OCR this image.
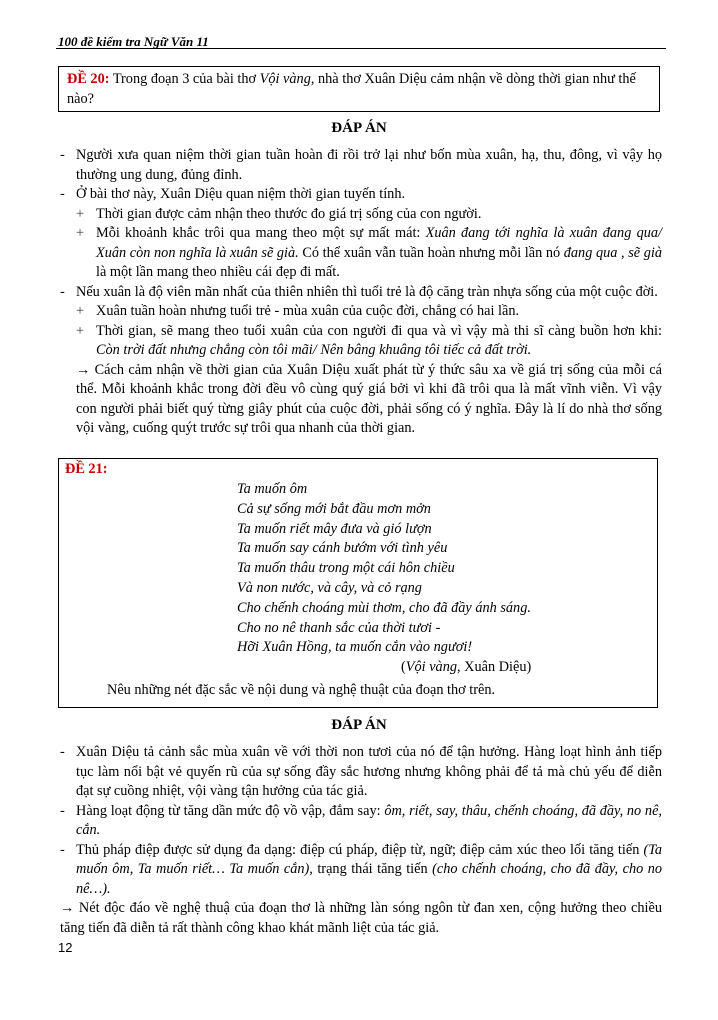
100 đề kiểm tra Ngữ Văn 11
ĐỀ 20: Trong đoạn 3 của bài thơ Vội vàng, nhà thơ Xuân Diệu cảm nhận về dòng thời gian như thế nào?
ĐÁP ÁN
- Người xưa quan niệm thời gian tuần hoàn đi rồi trở lại như bốn mùa xuân, hạ, thu, đông, vì vậy họ thường ung dung, đủng đỉnh.
- Ở bài thơ này, Xuân Diệu quan niệm thời gian tuyến tính.
+ Thời gian được cảm nhận theo thước đo giá trị sống của con người.
+ Mỗi khoảnh khắc trôi qua mang theo một sự mất mát: Xuân đang tới nghĩa là xuân đang qua/ Xuân còn non nghĩa là xuân sẽ già. Có thể xuân vẫn tuần hoàn nhưng mỗi lần nó đang qua , sẽ già là một lần mang theo nhiều cái đẹp đi mất.
- Nếu xuân là độ viên mãn nhất của thiên nhiên thì tuổi trẻ là độ căng tràn nhựa sống của một cuộc đời.
+ Xuân tuần hoàn nhưng tuổi trẻ - mùa xuân của cuộc đời, chẳng có hai lần.
+ Thời gian, sẽ mang theo tuổi xuân của con người đi qua và vì vậy mà thi sĩ càng buồn hơn khi: Còn trời đất nhưng chẳng còn tôi mãi/ Nên bâng khuâng tôi tiếc cả đất trời.
→ Cách cảm nhận về thời gian của Xuân Diệu xuất phát từ ý thức sâu xa về giá trị sống của mỗi cá thể. Mỗi khoảnh khắc trong đời đều vô cùng quý giá bởi vì khi đã trôi qua là mất vĩnh viễn. Vì vậy con người phải biết quý từng giây phút của cuộc đời, phải sống có ý nghĩa. Đây là lí do nhà thơ sống vội vàng, cuống quýt trước sự trôi qua nhanh của thời gian.
ĐỀ 21:
Ta muốn ôm
Cả sự sống mới bắt đầu mơn mởn
Ta muốn riết mây đưa và gió lượn
Ta muốn say cánh bướm với tình yêu
Ta muốn thâu trong một cái hôn chiều
Và non nước, và cây, và cỏ rạng
Cho chếnh choáng mùi thơm, cho đã đầy ánh sáng.
Cho no nê thanh sắc của thời tươi -
Hỡi Xuân Hồng, ta muốn cắn vào ngươi!
(Vội vàng, Xuân Diệu)
Nêu những nét đặc sắc về nội dung và nghệ thuật của đoạn thơ trên.
ĐÁP ÁN
- Xuân Diệu tả cảnh sắc mùa xuân về với thời non tươi của nó để tận hưởng. Hàng loạt hình ảnh tiếp tục làm nổi bật vẻ quyến rũ của sự sống đầy sắc hương nhưng không phải để tả mà chủ yếu để diễn đạt sự cuồng nhiệt, vội vàng tận hưởng của tác giả.
- Hàng loạt động từ tăng dần mức độ vồ vập, đắm say: ôm, riết, say, thâu, chếnh choáng, đã đầy, no nê, cắn.
- Thủ pháp điệp được sử dụng đa dạng: điệp cú pháp, điệp từ, ngữ; điệp cảm xúc theo lối tăng tiến (Ta muốn ôm, Ta muốn riết… Ta muốn cắn), trạng thái tăng tiến (cho chếnh choáng, cho đã đầy, cho no nê…).
→ Nét độc đáo về nghệ thuậ của đoạn thơ là những làn sóng ngôn từ đan xen, cộng hưởng theo chiều tăng tiến đã diễn tả rất thành công khao khát mãnh liệt của tác giả.
12
